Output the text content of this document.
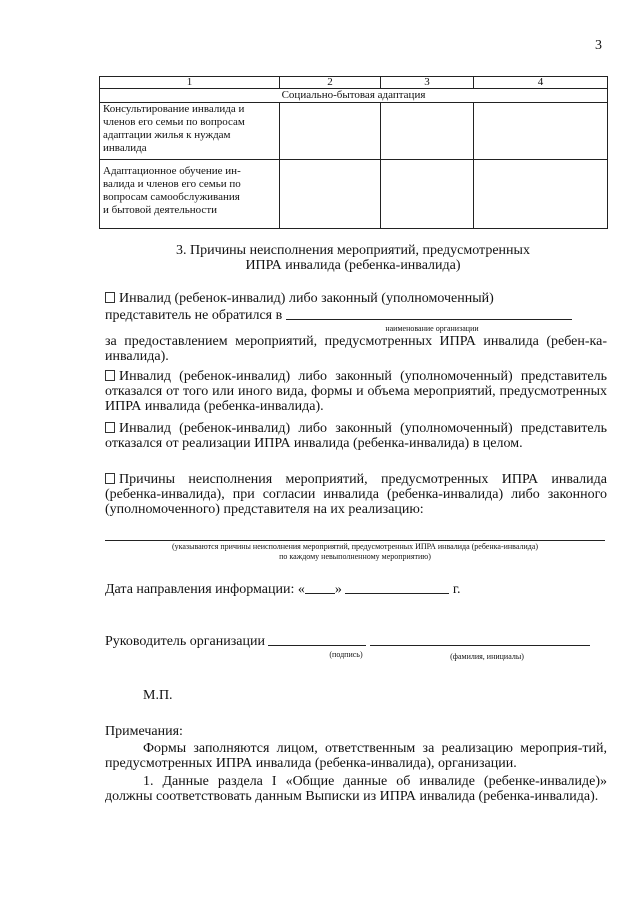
3
1	2	3	4
Социально-бытовая адаптация			

Консультирование инвалида и
членов его семьи по вопросам
адаптации жилья к нуждам
инвалида			

Адаптационное обучение ин-
валида и членов его семьи по
вопросам самообслуживания
и бытовой деятельности			

3. Причины неисполнения мероприятий, предусмотренных
ИПРА инвалида (ребенка-инвалида)
Инвалид (ребенок-инвалид) либо законный (уполномоченный)
представитель не обратился в
наименование организации
за предоставлением мероприятий, предусмотренных ИПРА инвалида (ребен-ка-инвалида).
Инвалид (ребенок-инвалид) либо законный (уполномоченный) представитель отказался от того или иного вида, формы и объема мероприятий, предусмотренных ИПРА инвалида (ребенка-инвалида).
Инвалид (ребенок-инвалид) либо законный (уполномоченный) представитель отказался от реализации ИПРА инвалида (ребенка-инвалида) в целом.
Причины неисполнения мероприятий, предусмотренных ИПРА инвалида (ребенка-инвалида), при согласии инвалида (ребенка-инвалида) либо законного (уполномоченного) представителя на их реализацию:
(указываются причины неисполнения мероприятий, предусмотренных ИПРА инвалида (ребенка-инвалида)
по каждому невыполненному мероприятию)
Дата направления информации: « »	г.
Руководитель организации
(подпись)	(фамилия, инициалы)
М.П.
Примечания:
Формы заполняются лицом, ответственным за реализацию мероприя-тий, предусмотренных ИПРА инвалида (ребенка-инвалида), организации.
1. Данные раздела I «Общие данные об инвалиде (ребенке-инвалиде)» должны соответствовать данным Выписки из ИПРА инвалида (ребенка-инвалида).
